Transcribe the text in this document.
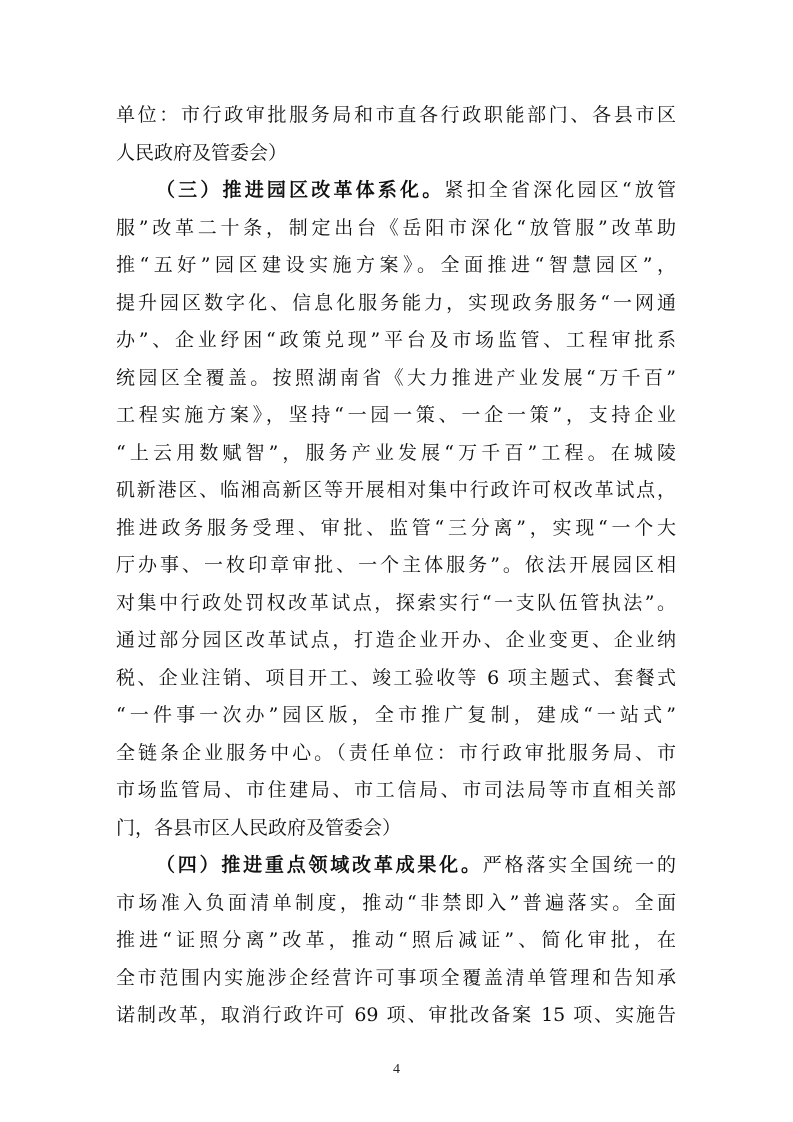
单位：市行政审批服务局和市直各行政职能部门、各县市区
人民政府及管委会）
（三）推进园区改革体系化。紧扣全省深化园区“放管
服”改革二十条，制定出台《岳阳市深化“放管服”改革助
推“五好”园区建设实施方案》。全面推进“智慧园区”，
提升园区数字化、信息化服务能力，实现政务服务“一网通
办”、企业纾困“政策兑现”平台及市场监管、工程审批系
统园区全覆盖。按照湖南省《大力推进产业发展“万千百”
工程实施方案》，坚持“一园一策、一企一策”，支持企业
“上云用数赋智”，服务产业发展“万千百”工程。在城陵
矶新港区、临湘高新区等开展相对集中行政许可权改革试点，
推进政务服务受理、审批、监管“三分离”，实现“一个大
厅办事、一枚印章审批、一个主体服务”。依法开展园区相
对集中行政处罚权改革试点，探索实行“一支队伍管执法”。
通过部分园区改革试点，打造企业开办、企业变更、企业纳
税、企业注销、项目开工、竣工验收等 6 项主题式、套餐式
“一件事一次办”园区版，全市推广复制，建成“一站式”
全链条企业服务中心。（责任单位：市行政审批服务局、市
市场监管局、市住建局、市工信局、市司法局等市直相关部
门，各县市区人民政府及管委会）
（四）推进重点领域改革成果化。严格落实全国统一的
市场准入负面清单制度，推动“非禁即入”普遍落实。全面
推进“证照分离”改革，推动“照后减证”、简化审批，在
全市范围内实施涉企经营许可事项全覆盖清单管理和告知承
诺制改革，取消行政许可 69 项、审批改备案 15 项、实施告
4
